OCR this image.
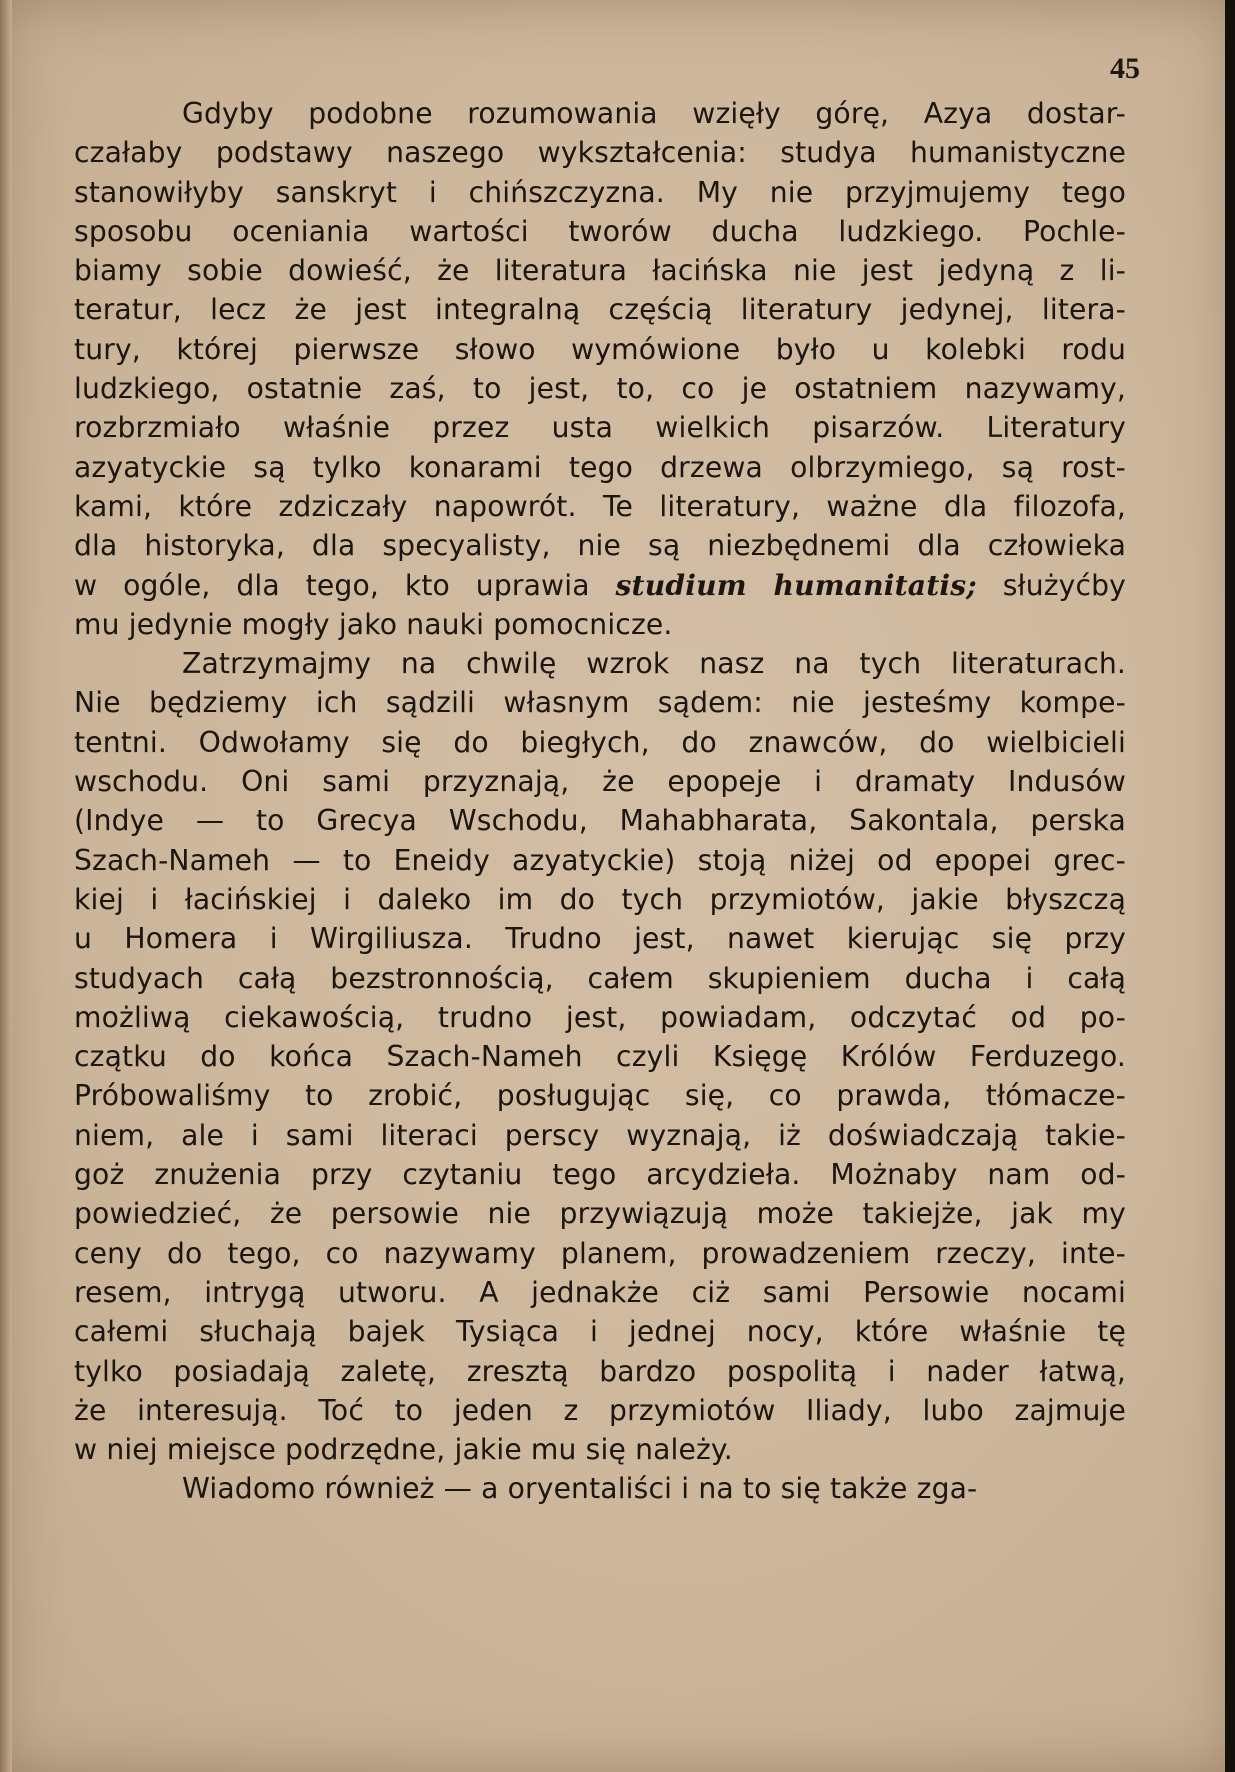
45
Gdyby podobne rozumowania wzięły górę, Azya dostar-
czałaby podstawy naszego wykształcenia: studya humanistyczne
stanowiłyby sanskryt i chińszczyzna. My nie przyjmujemy tego
sposobu oceniania wartości tworów ducha ludzkiego. Pochle-
biamy sobie dowieść, że literatura łacińska nie jest jedyną z li-
teratur, lecz że jest integralną częścią literatury jedynej, litera-
tury, której pierwsze słowo wymówione było u kolebki rodu
ludzkiego, ostatnie zaś, to jest, to, co je ostatniem nazywamy,
rozbrzmiało właśnie przez usta wielkich pisarzów. Literatury
azyatyckie są tylko konarami tego drzewa olbrzymiego, są rost-
kami, które zdziczały napowrót. Te literatury, ważne dla filozofa,
dla historyka, dla specyalisty, nie są niezbędnemi dla człowieka
w ogóle, dla tego, kto uprawia studium humanitatis; służyćby
mu jedynie mogły jako nauki pomocnicze.
Zatrzymajmy na chwilę wzrok nasz na tych literaturach.
Nie będziemy ich sądzili własnym sądem: nie jesteśmy kompe-
tentni. Odwołamy się do biegłych, do znawców, do wielbicieli
wschodu. Oni sami przyznają, że epopeje i dramaty Indusów
(Indye — to Grecya Wschodu, Mahabharata, Sakontala, perska
Szach-Nameh — to Eneidy azyatyckie) stoją niżej od epopei grec-
kiej i łacińskiej i daleko im do tych przymiotów, jakie błyszczą
u Homera i Wirgiliusza. Trudno jest, nawet kierując się przy
studyach całą bezstronnością, całem skupieniem ducha i całą
możliwą ciekawością, trudno jest, powiadam, odczytać od po-
czątku do końca Szach-Nameh czyli Księgę Królów Ferduzego.
Próbowaliśmy to zrobić, posługując się, co prawda, tłómacze-
niem, ale i sami literaci perscy wyznają, iż doświadczają takie-
goż znużenia przy czytaniu tego arcydzieła. Możnaby nam od-
powiedzieć, że persowie nie przywiązują może takiejże, jak my
ceny do tego, co nazywamy planem, prowadzeniem rzeczy, inte-
resem, intrygą utworu. A jednakże ciż sami Persowie nocami
całemi słuchają bajek Tysiąca i jednej nocy, które właśnie tę
tylko posiadają zaletę, zresztą bardzo pospolitą i nader łatwą,
że interesują. Toć to jeden z przymiotów Iliady, lubo zajmuje
w niej miejsce podrzędne, jakie mu się należy.
Wiadomo również — a oryentaliści i na to się także zga-
